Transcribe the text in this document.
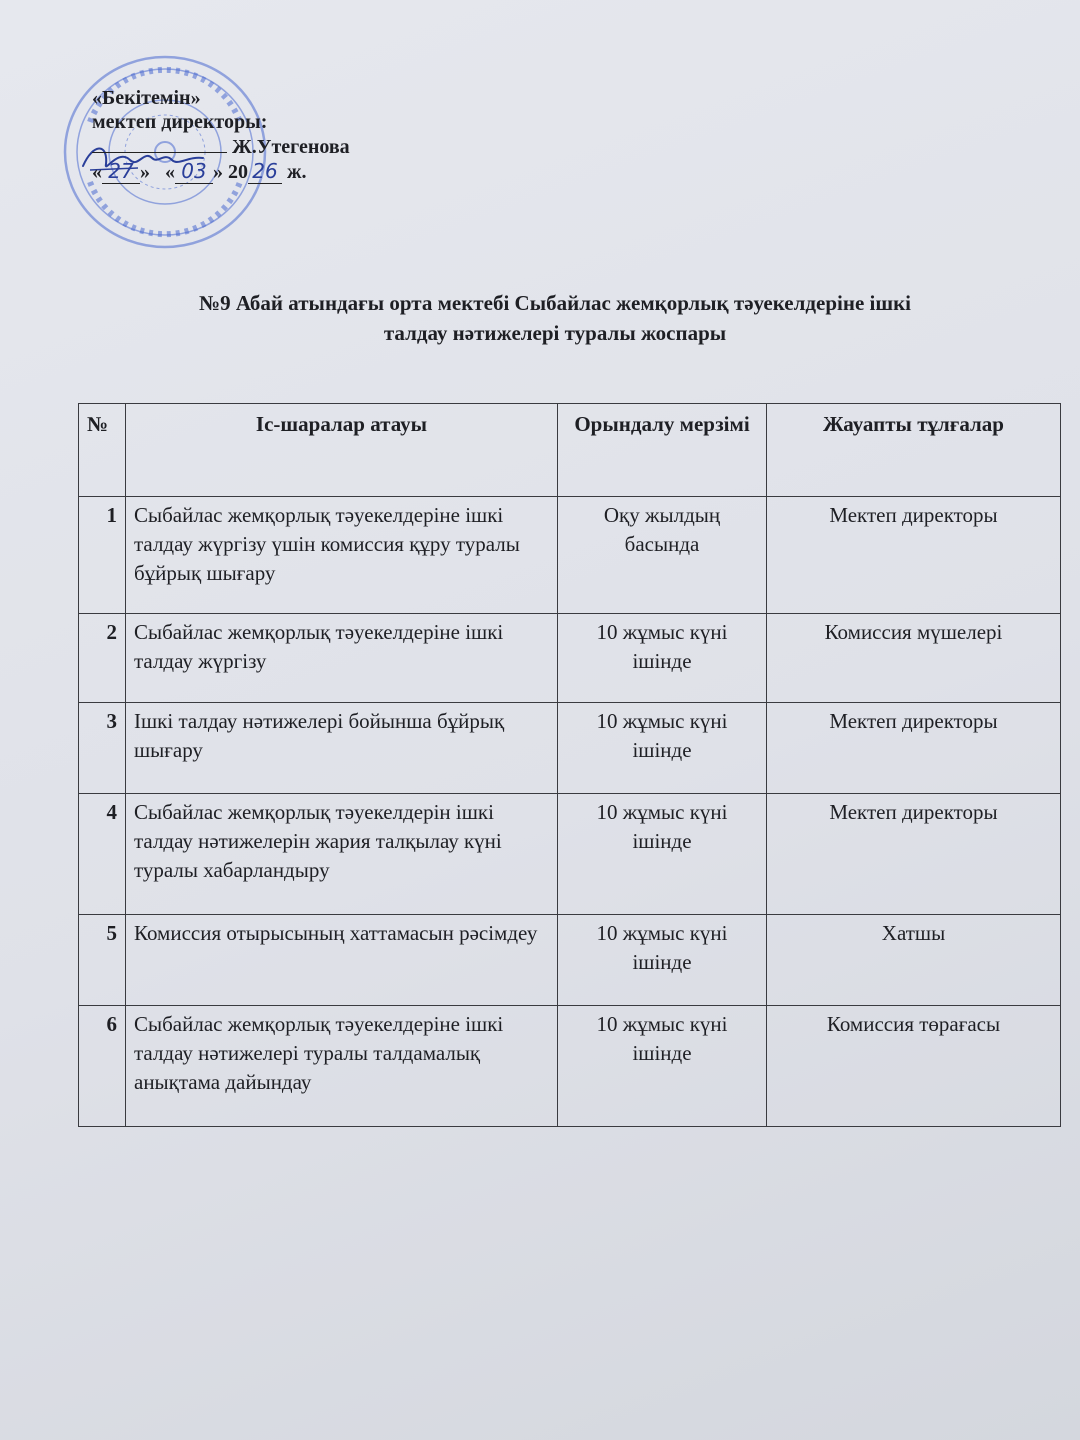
«Бекітемін»
мектеп директоры:
Ж.Утегенова
« 27 » « 03 » 20 26 ж.
№9 Абай атындағы орта мектебі Сыбайлас жемқорлық тәуекелдеріне ішкі
талдау нәтижелері туралы жоспары
№	Іс-шаралар атауы	Орындалу мерзімі	Жауапты тұлғалар
1	Сыбайлас жемқорлық тәуекелдеріне ішкі талдау жүргізу үшін комиссия құру туралы бұйрық шығару	Оқу жылдың басында	Мектеп директоры
2	Сыбайлас жемқорлық тәуекелдеріне ішкі талдау жүргізу	10 жұмыс күні ішінде	Комиссия мүшелері
3	Ішкі талдау нәтижелері бойынша бұйрық шығару	10 жұмыс күні ішінде	Мектеп директоры
4	Сыбайлас жемқорлық тәуекелдерін ішкі талдау нәтижелерін жария талқылау күні туралы хабарландыру	10 жұмыс күні ішінде	Мектеп директоры
5	Комиссия отырысының хаттамасын рәсімдеу	10 жұмыс күні ішінде	Хатшы
6	Сыбайлас жемқорлық тәуекелдеріне ішкі талдау нәтижелері туралы талдамалық анықтама дайындау	10 жұмыс күні ішінде	Комиссия төрағасы
